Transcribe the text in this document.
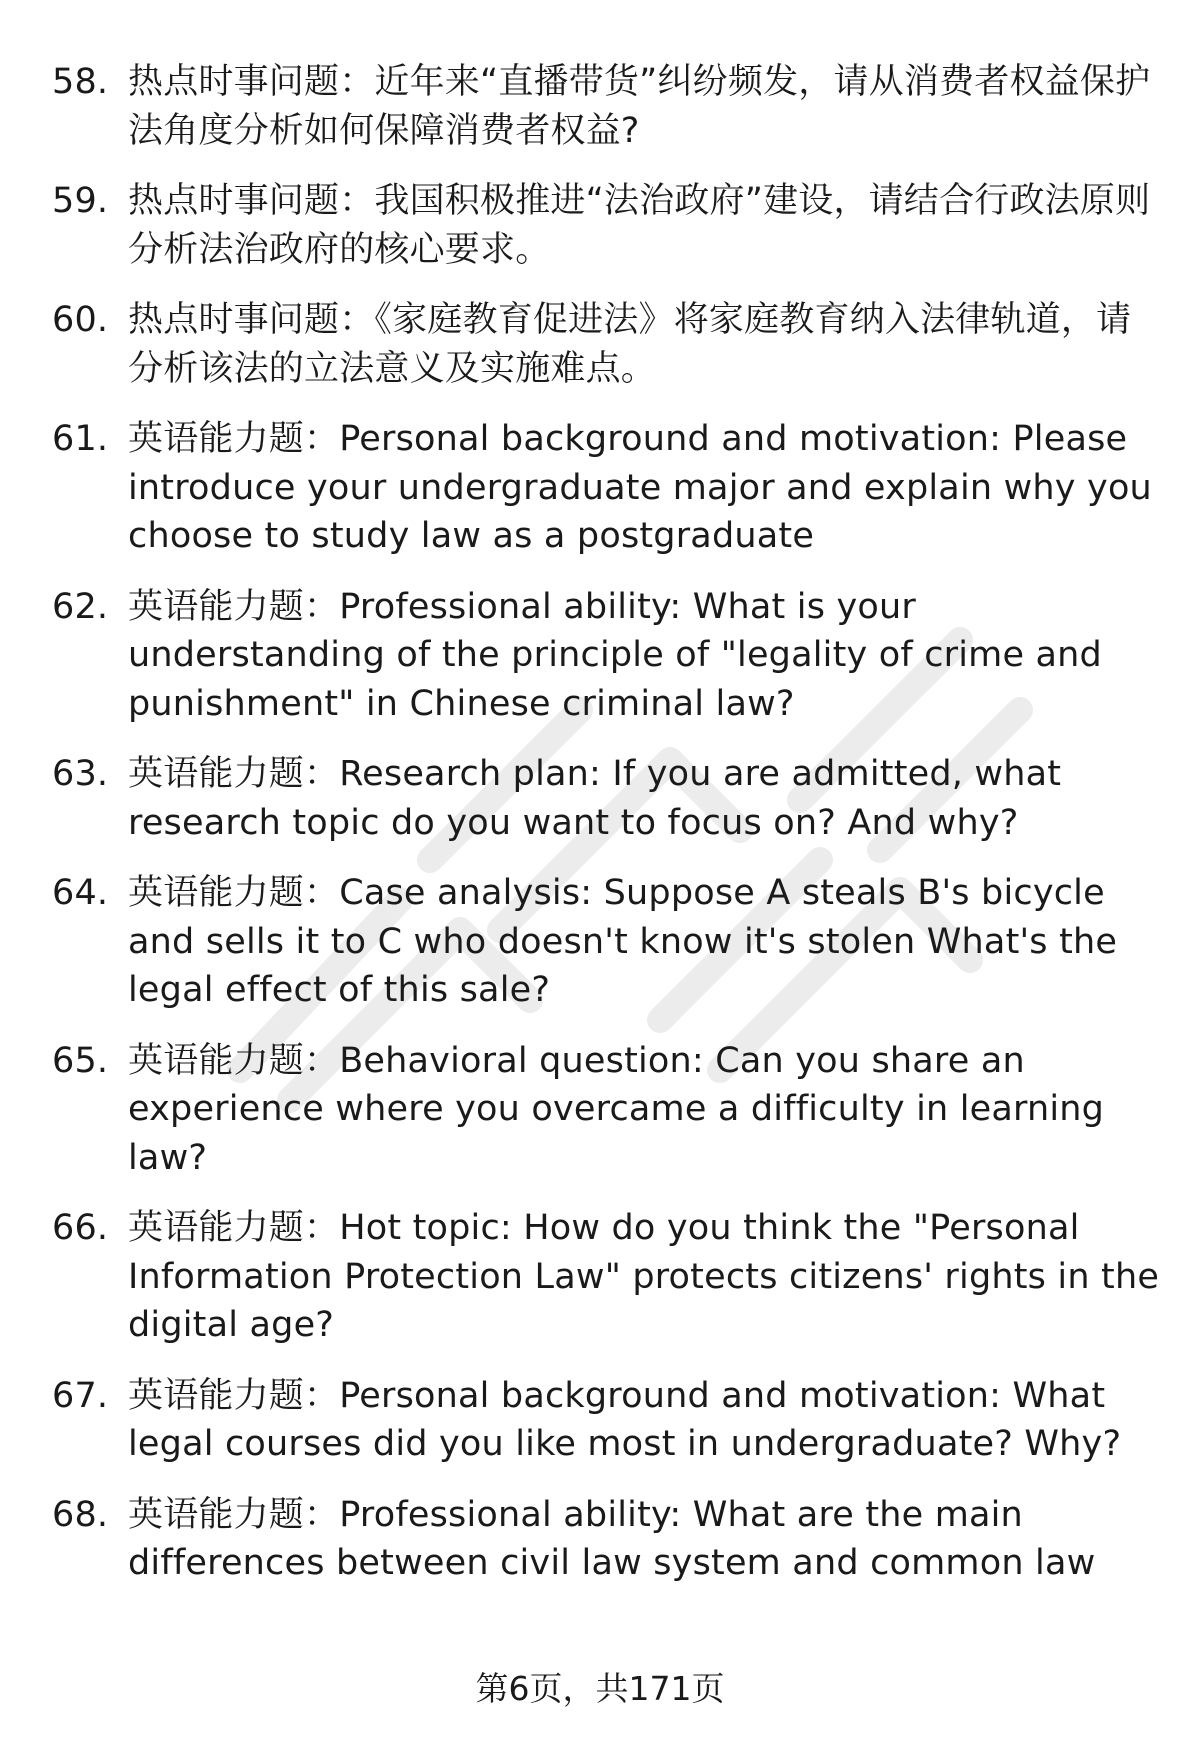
58. 热点时事问题：近年来“直播带货”纠纷频发，请从消费者权益保护法角度分析如何保障消费者权益?
59. 热点时事问题：我国积极推进“法治政府”建设，请结合行政法原则分析法治政府的核心要求。
60. 热点时事问题：《家庭教育促进法》将家庭教育纳入法律轨道，请分析该法的立法意义及实施难点。
61. 英语能力题：Personal background and motivation: Please introduce your undergraduate major and explain why you choose to study law as a postgraduate
62. 英语能力题：Professional ability: What is your understanding of the principle of "legality of crime and punishment" in Chinese criminal law?
63. 英语能力题：Research plan: If you are admitted, what research topic do you want to focus on? And why?
64. 英语能力题：Case analysis: Suppose A steals B's bicycle and sells it to C who doesn't know it's stolen What's the legal effect of this sale?
65. 英语能力题：Behavioral question: Can you share an experience where you overcame a difficulty in learning law?
66. 英语能力题：Hot topic: How do you think the "Personal Information Protection Law" protects citizens' rights in the digital age?
67. 英语能力题：Personal background and motivation: What legal courses did you like most in undergraduate? Why?
68. 英语能力题：Professional ability: What are the main differences between civil law system and common law
第6页，共171页
